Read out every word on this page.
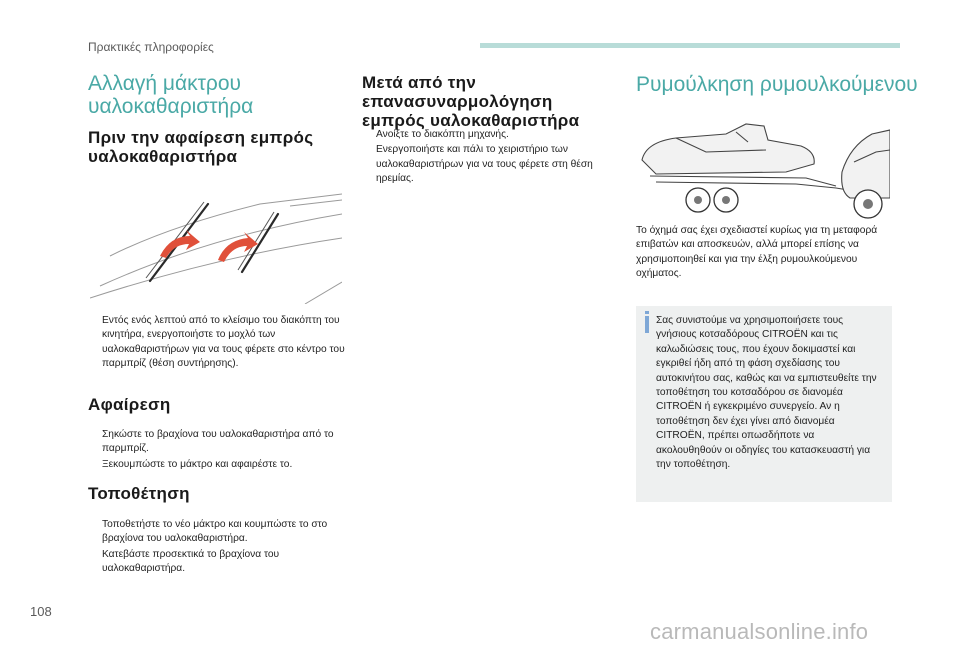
Πρακτικές πληροφορίες
Αλλαγή μάκτρου υαλοκαθαριστήρα
Πριν την αφαίρεση εμπρός υαλοκαθαριστήρα
Εντός ενός λεπτού από το κλείσιμο του διακόπτη του κινητήρα, ενεργοποιήστε το μοχλό των υαλοκαθαριστήρων για να τους φέρετε στο κέντρο του παρμπρίζ (θέση συντήρησης).
Αφαίρεση
Σηκώστε το βραχίονα του υαλοκαθαριστήρα από το παρμπρίζ.
Ξεκουμπώστε το μάκτρο και αφαιρέστε το.
Τοποθέτηση
Τοποθετήστε το νέο μάκτρο και κουμπώστε το στο βραχίονα του υαλοκαθαριστήρα.
Κατεβάστε προσεκτικά το βραχίονα του υαλοκαθαριστήρα.
Μετά από την επανασυναρμολόγηση εμπρός υαλοκαθαριστήρα
Ανοίξτε το διακόπτη μηχανής.
Ενεργοποιήστε και πάλι το χειριστήριο των υαλοκαθαριστήρων για να τους φέρετε στη θέση ηρεμίας.
Ρυμούλκηση ρυμουλκούμενου

Το όχημά σας έχει σχεδιαστεί κυρίως για τη μεταφορά επιβατών και αποσκευών, αλλά μπορεί επίσης να χρησιμοποιηθεί και για την έλξη ρυμουλκούμενου οχήματος.

Σας συνιστούμε να χρησιμοποιήσετε τους γνήσιους κοτσαδόρους CITROËN και τις καλωδιώσεις τους, που έχουν δοκιμαστεί και εγκριθεί ήδη από τη φάση σχεδίασης του αυτοκινήτου σας, καθώς και να εμπιστευθείτε την τοποθέτηση του κοτσαδόρου σε διανομέα CITROËN ή εγκεκριμένο συνεργείο. Αν η τοποθέτηση δεν έχει γίνει από διανομέα CITROËN, πρέπει οπωσδήποτε να ακολουθηθούν οι οδηγίες του κατασκευαστή για την τοποθέτηση.

108
carmanualsonline.info
